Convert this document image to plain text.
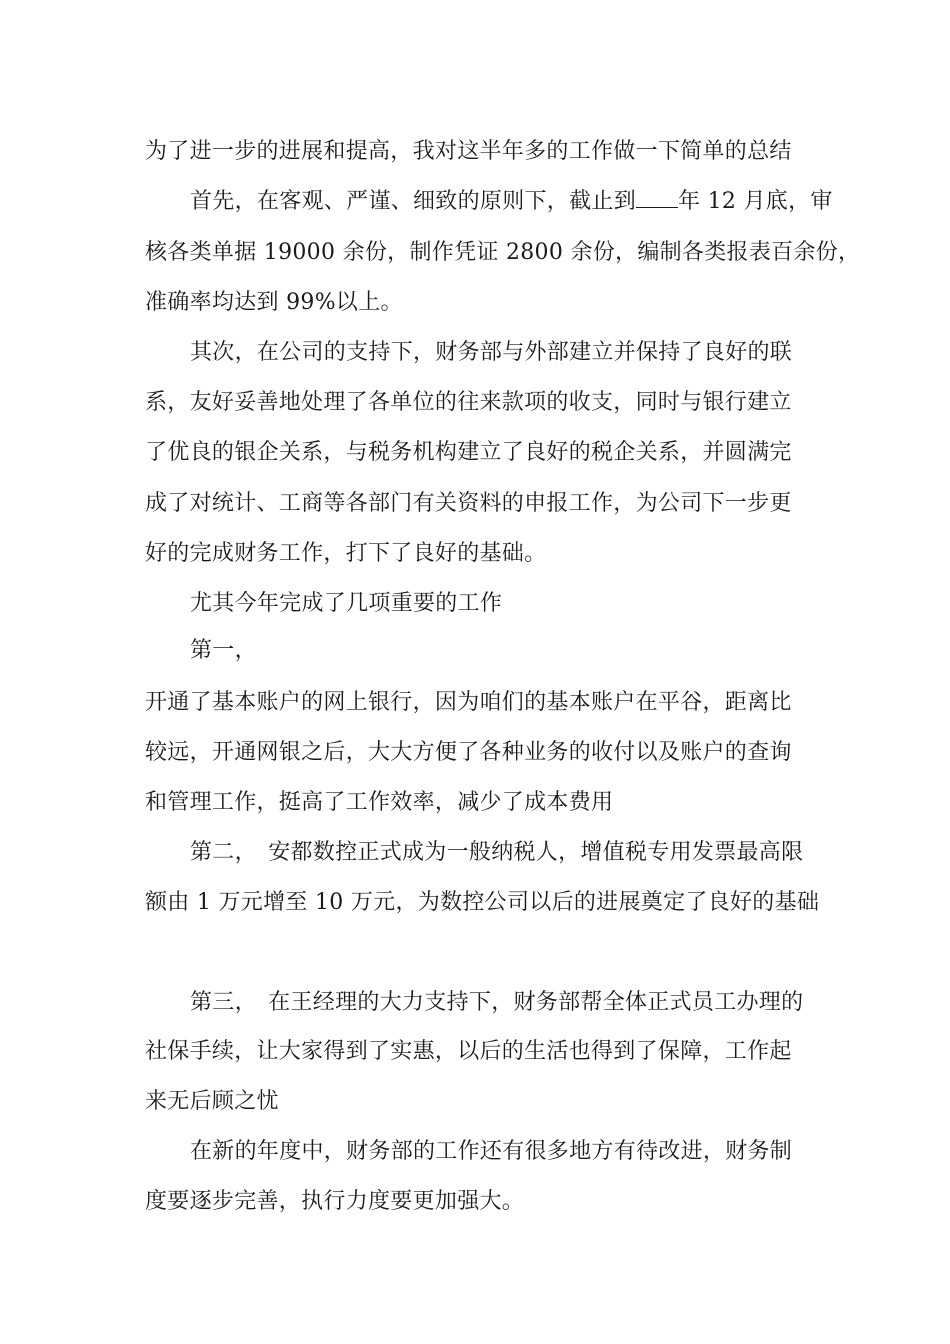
为了进一步的进展和提高，我对这半年多的工作做一下简单的总结
首先，在客观、严谨、细致的原则下，截止到 年 12 月底，审
核各类单据 19000 余份，制作凭证 2800 余份，编制各类报表百余份，
准确率均达到 99%以上。
其次，在公司的支持下，财务部与外部建立并保持了良好的联
系，友好妥善地处理了各单位的往来款项的收支，同时与银行建立
了优良的银企关系，与税务机构建立了良好的税企关系，并圆满完
成了对统计、工商等各部门有关资料的申报工作，为公司下一步更
好的完成财务工作，打下了良好的基础。
尤其今年完成了几项重要的工作
第一，
开通了基本账户的网上银行，因为咱们的基本账户在平谷，距离比
较远，开通网银之后，大大方便了各种业务的收付以及账户的查询
和管理工作，挺高了工作效率，减少了成本费用
第二，　安都数控正式成为一般纳税人，增值税专用发票最高限
额由 1 万元增至 10 万元，为数控公司以后的进展奠定了良好的基础
第三，　在王经理的大力支持下，财务部帮全体正式员工办理的
社保手续，让大家得到了实惠，以后的生活也得到了保障，工作起
来无后顾之忧
在新的年度中，财务部的工作还有很多地方有待改进，财务制
度要逐步完善，执行力度要更加强大。
